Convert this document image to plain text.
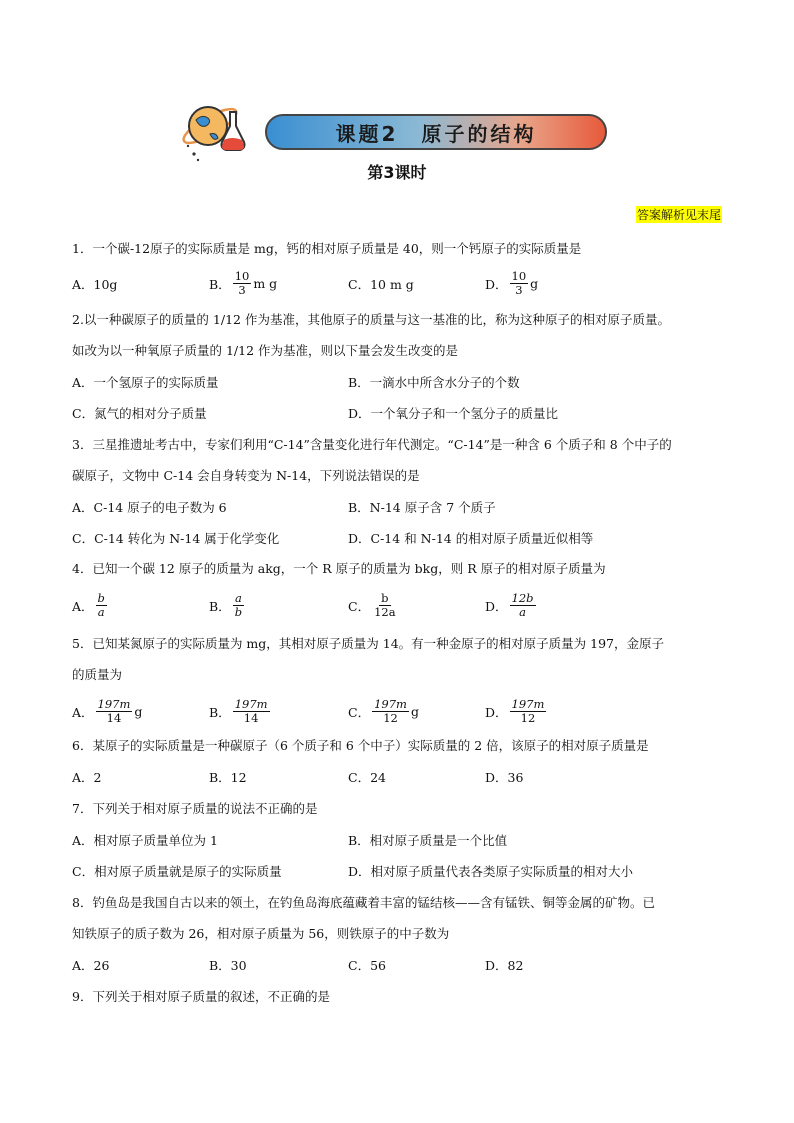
课题2　原子的结构
第3课时
答案解析见末尾
1．一个碳-12原子的实际质量是 mg，钙的相对原子质量是 40，则一个钙原子的实际质量是
A．10g	B． $\frac{10}{3}$ m g	C．10 m g	D． $\frac{10}{3}$ g
2.以一种碳原子的质量的 1/12 作为基准，其他原子的质量与这一基准的比，称为这种原子的相对原子质量。
如改为以一种氧原子质量的 1/12 作为基准，则以下量会发生改变的是
A．一个氢原子的实际质量	B．一滴水中所含水分子的个数
C．氮气的相对分子质量	D．一个氧分子和一个氢分子的质量比
3．三星推遗址考古中，专家们利用“C-14”含量变化进行年代测定。“C-14”是一种含 6 个质子和 8 个中子的
碳原子，文物中 C-14 会自身转变为 N-14，下列说法错误的是
A．C-14 原子的电子数为 6	B．N-14 原子含 7 个质子
C．C-14 转化为 N-14 属于化学变化	D．C-14 和 N-14 的相对原子质量近似相等
4．已知一个碳 12 原子的质量为 akg，一个 R 原子的质量为 bkg，则 R 原子的相对原子质量为
A． $\frac{b}{a}$	B． $\frac{a}{b}$	C． $\frac{b}{12a}$	D． $\frac{12b}{a}$
5．已知某氮原子的实际质量为 mg，其相对原子质量为 14。有一种金原子的相对原子质量为 197，金原子
的质量为
A． $\frac{197m}{14}$ g	B． $\frac{197m}{14}$	C． $\frac{197m}{12}$ g	D． $\frac{197m}{12}$
6．某原子的实际质量是一种碳原子（6 个质子和 6 个中子）实际质量的 2 倍，该原子的相对原子质量是
A．2	B．12	C．24	D．36
7．下列关于相对原子质量的说法不正确的是
A．相对原子质量单位为 1	B．相对原子质量是一个比值
C．相对原子质量就是原子的实际质量	D．相对原子质量代表各类原子实际质量的相对大小
8．钓鱼岛是我国自古以来的领土，在钓鱼岛海底蕴藏着丰富的锰结核——含有锰铁、铜等金属的矿物。已
知铁原子的质子数为 26，相对原子质量为 56，则铁原子的中子数为
A．26	B．30	C．56	D．82
9．下列关于相对原子质量的叙述，不正确的是
